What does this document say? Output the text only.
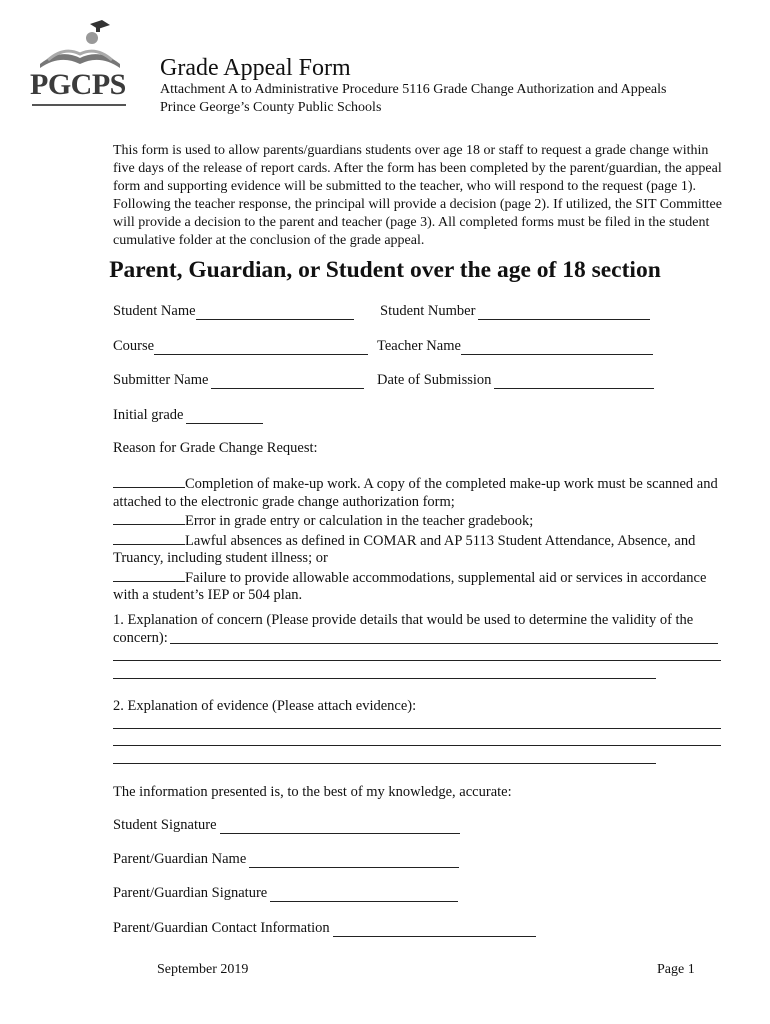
PGCPS Grade Appeal Form
Attachment A to Administrative Procedure 5116 Grade Change Authorization and Appeals
Prince George’s County Public Schools

This form is used to allow parents/guardians students over age 18 or staff to request a grade change within five days of the release of report cards. After the form has been completed by the parent/guardian, the appeal form and supporting evidence will be submitted to the teacher, who will respond to the request (page 1). Following the teacher response, the principal will provide a decision (page 2). If utilized, the SIT Committee will provide a decision to the parent and teacher (page 3). All completed forms must be filed in the student cumulative folder at the conclusion of the grade appeal.

Parent, Guardian, or Student over the age of 18 section
Student Name	Student Number
Course	Teacher Name
Submitter Name	Date of Submission
Initial grade
Reason for Grade Change Request:
Completion of make-up work. A copy of the completed make-up work must be scanned and attached to the electronic grade change authorization form;
Error in grade entry or calculation in the teacher gradebook;
Lawful absences as defined in COMAR and AP 5113 Student Attendance, Absence, and Truancy, including student illness; or
Failure to provide allowable accommodations, supplemental aid or services in accordance with a student’s IEP or 504 plan.
1. Explanation of concern (Please provide details that would be used to determine the validity of the
concern):
2. Explanation of evidence (Please attach evidence):
The information presented is, to the best of my knowledge, accurate:
Student Signature
Parent/Guardian Name
Parent/Guardian Signature
Parent/Guardian Contact Information
September 2019	Page 1
